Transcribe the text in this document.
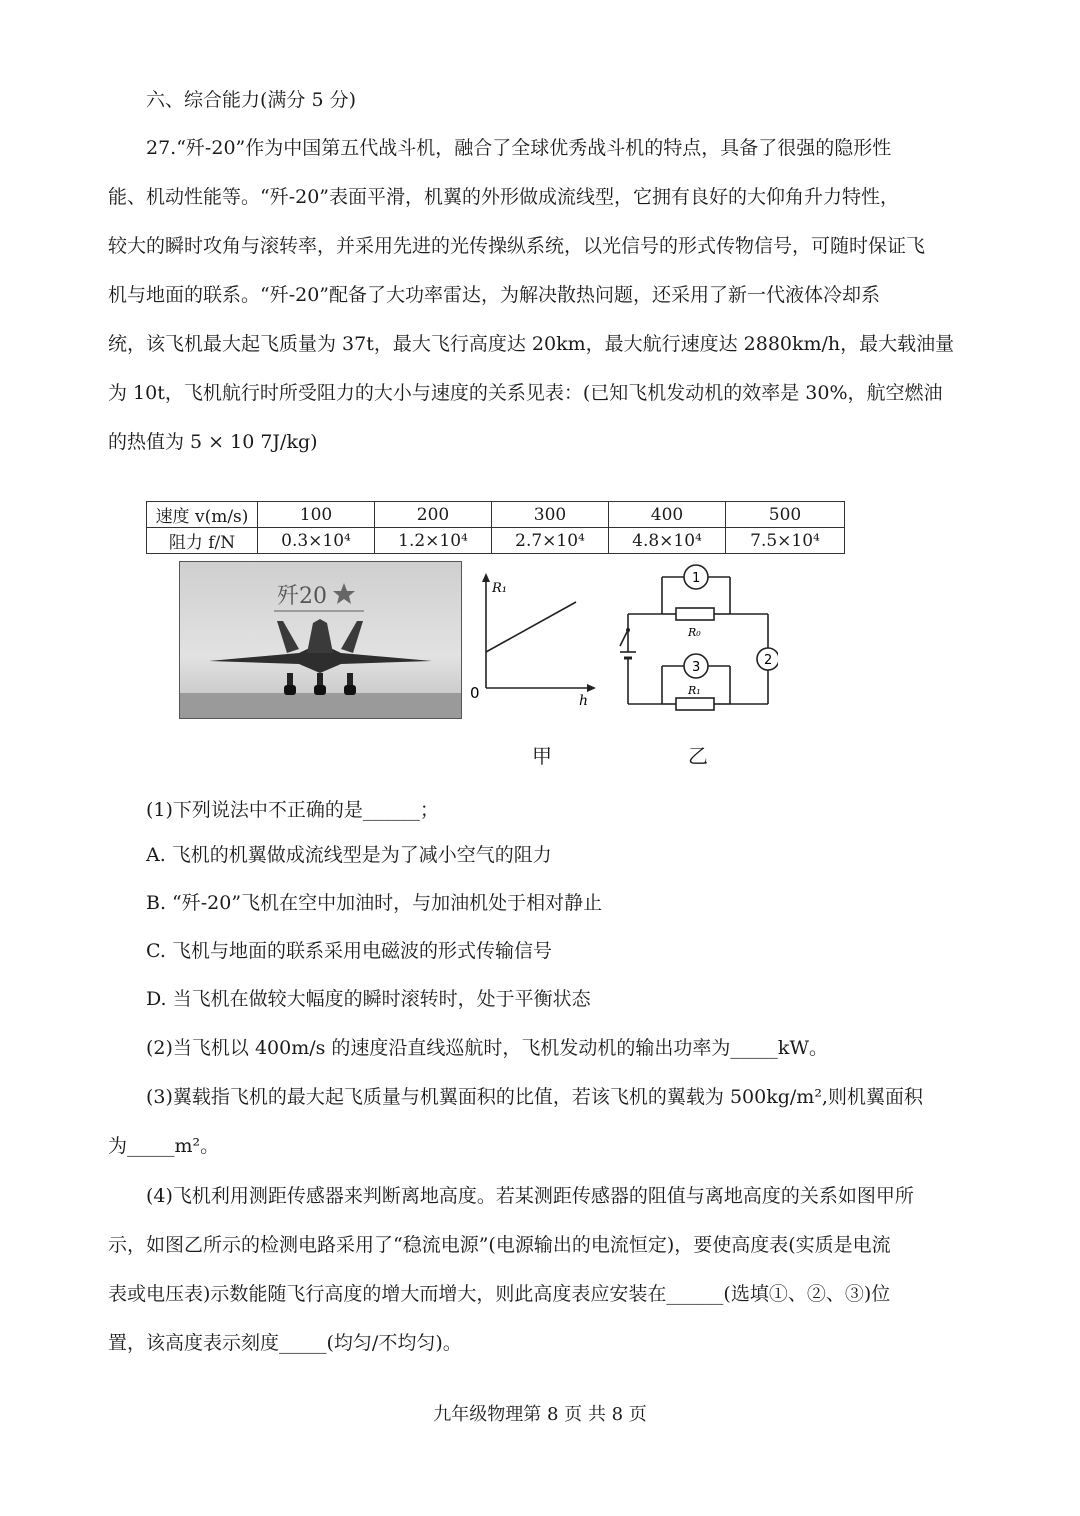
六、综合能力(满分 5 分)
27.“歼-20”作为中国第五代战斗机，融合了全球优秀战斗机的特点，具备了很强的隐形性
能、机动性能等。“歼-20”表面平滑，机翼的外形做成流线型，它拥有良好的大仰角升力特性，
较大的瞬时攻角与滚转率，并采用先进的光传操纵系统，以光信号的形式传物信号，可随时保证飞
机与地面的联系。“歼-20”配备了大功率雷达，为解决散热问题，还采用了新一代液体冷却系
统，该飞机最大起飞质量为 37t，最大飞行高度达 20km，最大航行速度达 2880km/h，最大载油量
为 10t，飞机航行时所受阻力的大小与速度的关系见表：(已知飞机发动机的效率是 30%，航空燃油
的热值为 5 × 10 7J/kg)
速度 v(m/s)	100	200	300	400	500
阻力 f/N	0.3×10⁴	1.2×10⁴	2.7×10⁴	4.8×10⁴	7.5×10⁴
歼20	R₁
h
0
1
3	2
R₀
R₁
甲	乙
(1)下列说法中不正确的是______；
A. 飞机的机翼做成流线型是为了减小空气的阻力
B. “歼-20”飞机在空中加油时，与加油机处于相对静止
C. 飞机与地面的联系采用电磁波的形式传输信号
D. 当飞机在做较大幅度的瞬时滚转时，处于平衡状态
(2)当飞机以 400m/s 的速度沿直线巡航时，飞机发动机的输出功率为_____kW。
(3)翼载指飞机的最大起飞质量与机翼面积的比值，若该飞机的翼载为 500kg/m²,则机翼面积
为_____m²。
(4)飞机利用测距传感器来判断离地高度。若某测距传感器的阻值与离地高度的关系如图甲所
示，如图乙所示的检测电路采用了“稳流电源”(电源输出的电流恒定)，要使高度表(实质是电流
表或电压表)示数能随飞行高度的增大而增大，则此高度表应安装在______(选填①、②、③)位
置，该高度表示刻度_____(均匀/不均匀)。
九年级物理第 8 页 共 8 页
